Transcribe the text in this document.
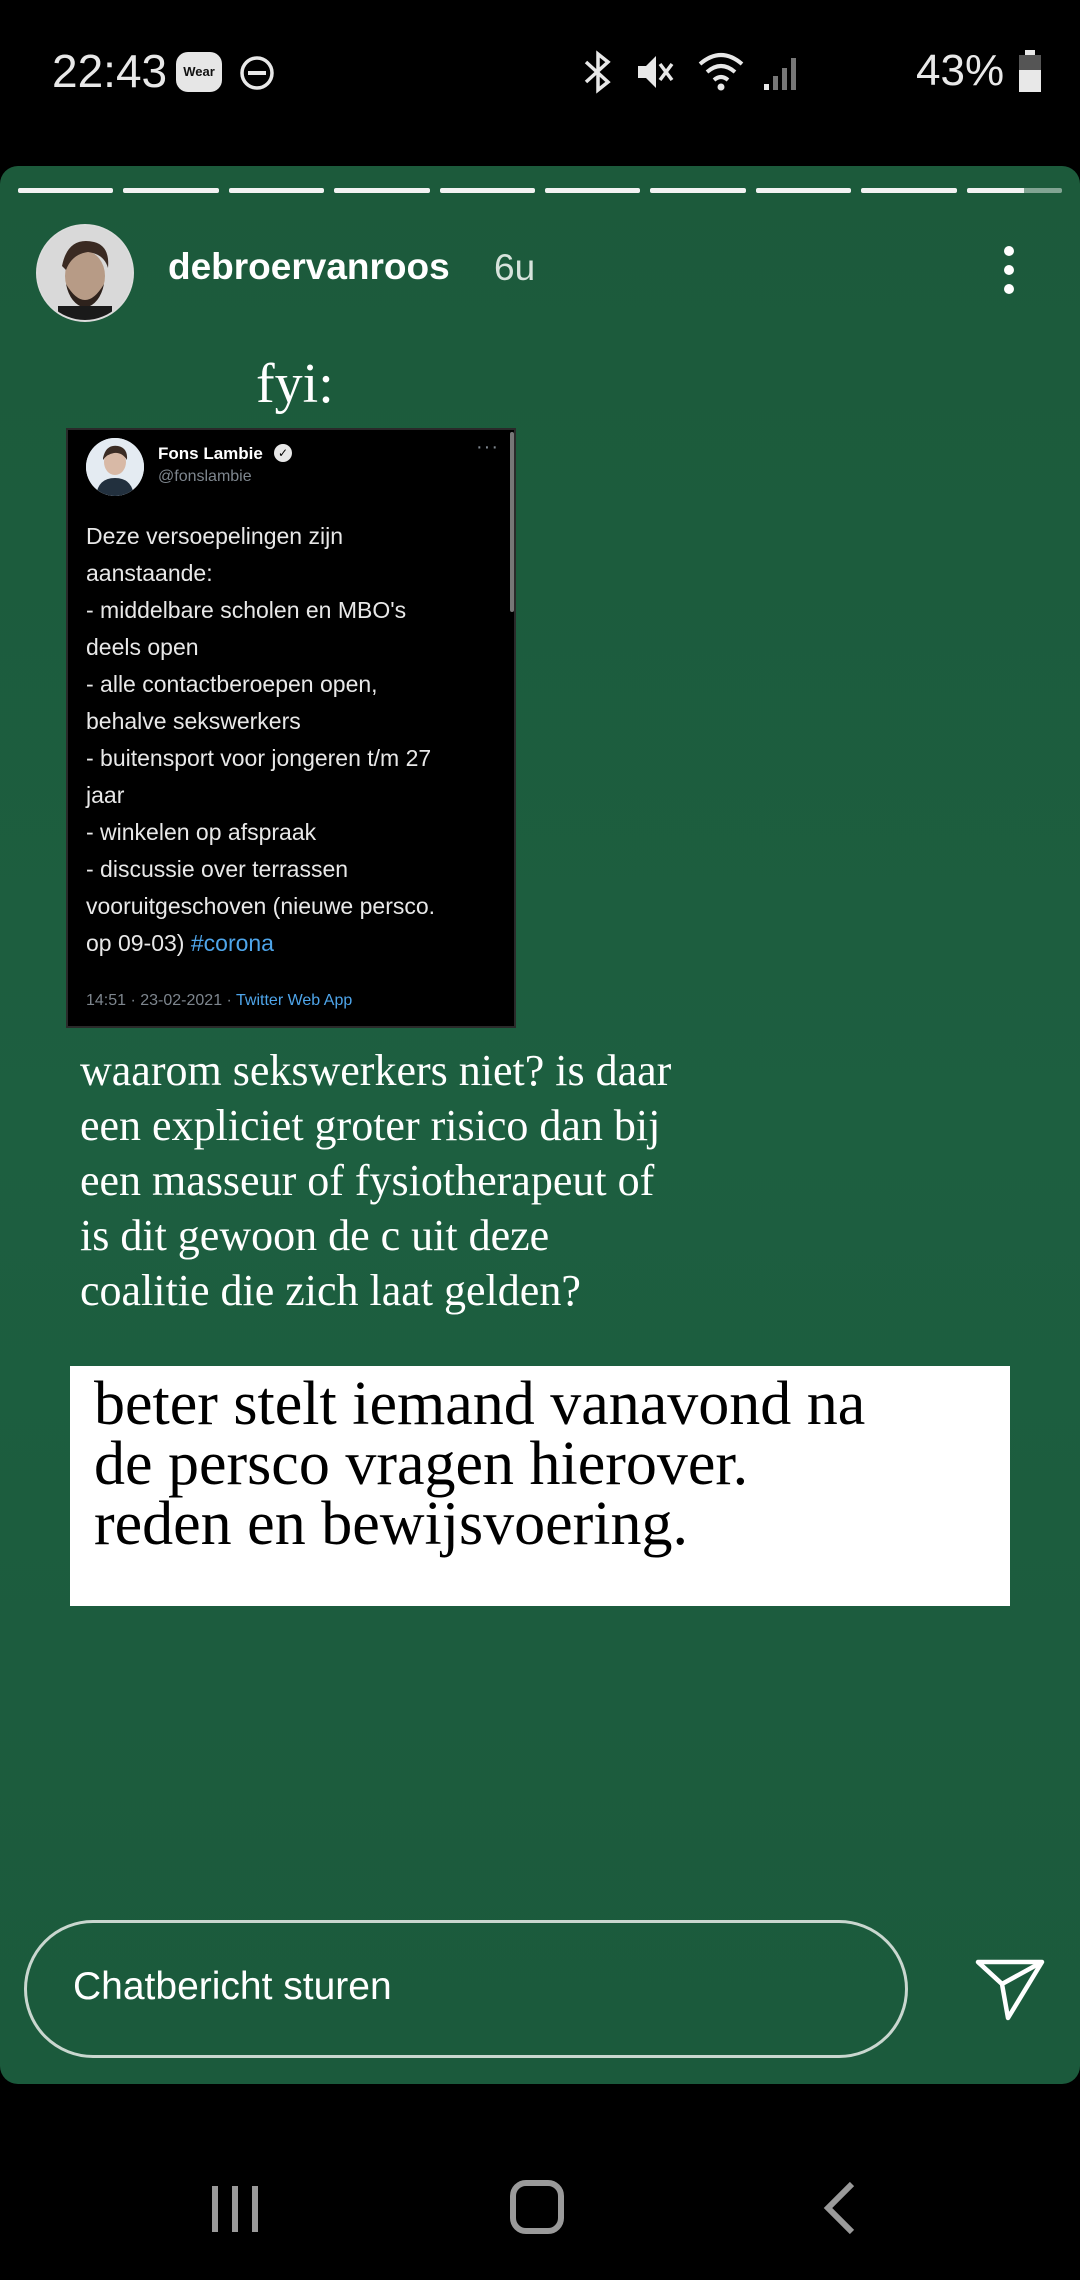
22:43	Wear	43%
debroervanroos 6u
fyi:
Fons Lambie	✓
@fonslambie
···
Deze versoepelingen zijn
aanstaande:
- middelbare scholen en MBO's
deels open
- alle contactberoepen open,
behalve sekswerkers
- buitensport voor jongeren t/m 27
jaar
- winkelen op afspraak
- discussie over terrassen
vooruitgeschoven (nieuwe persco.
op 09-03) #corona
14:51 · 23-02-2021 · Twitter Web App
waarom sekswerkers niet? is daar
een expliciet groter risico dan bij
een masseur of fysiotherapeut of
is dit gewoon de c uit deze
coalitie die zich laat gelden?
beter stelt iemand vanavond na
de persco vragen hierover.
reden en bewijsvoering.
Chatbericht sturen
